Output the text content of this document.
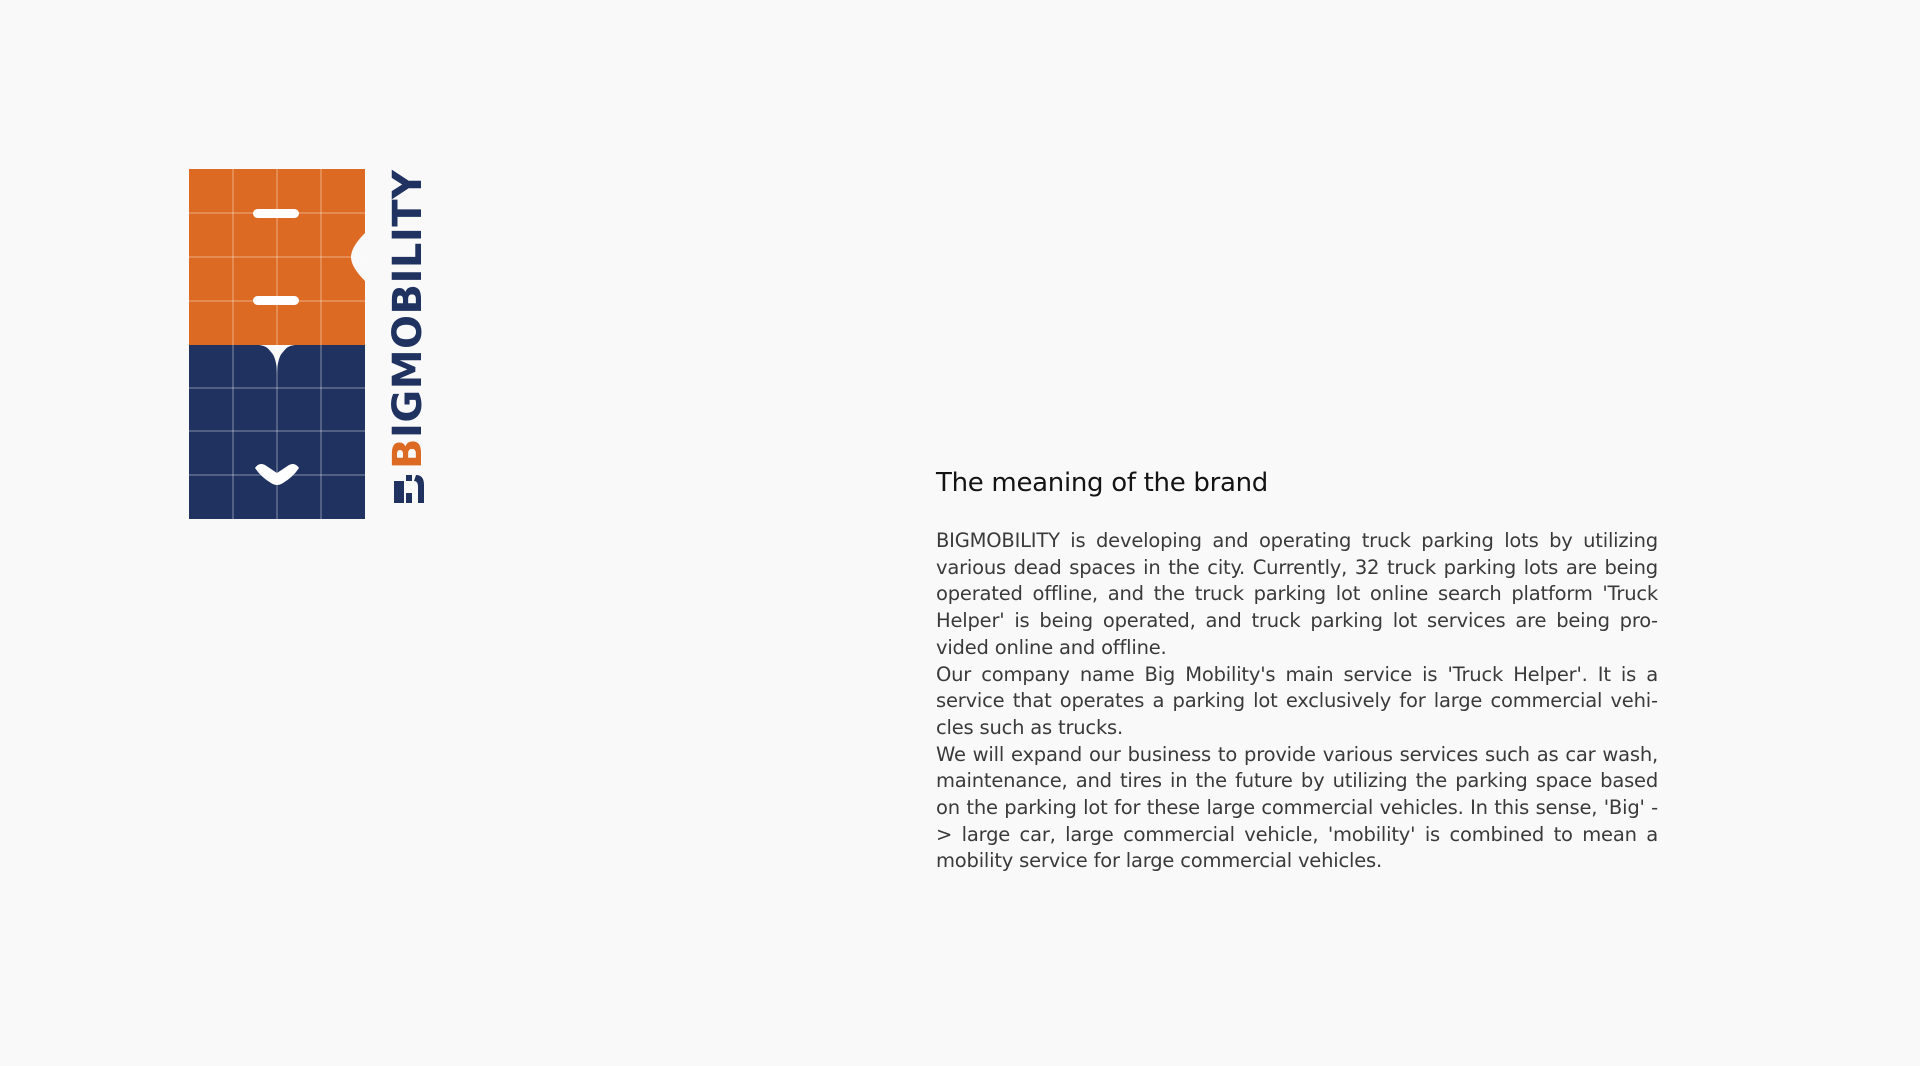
BIGMOBILITY
The meaning of the brand

BIGMOBILITY is developing and operating truck parking lots by utilizing various dead spaces in the city. Currently, 32 truck parking lots are being operated offline, and the truck parking lot online search platform 'Truck Helper' is being operated, and truck parking lot services are being provided online and offline.

Our company name Big Mobility's main service is 'Truck Helper'. It is a service that operates a parking lot exclusively for large commercial vehicles such as trucks.

We will expand our business to provide various services such as car wash, maintenance, and tires in the future by utilizing the parking space based on the parking lot for these large commercial vehicles. In this sense, 'Big' -> large car, large commercial vehicle, 'mobility' is combined to mean a mobility service for large commercial vehicles.
